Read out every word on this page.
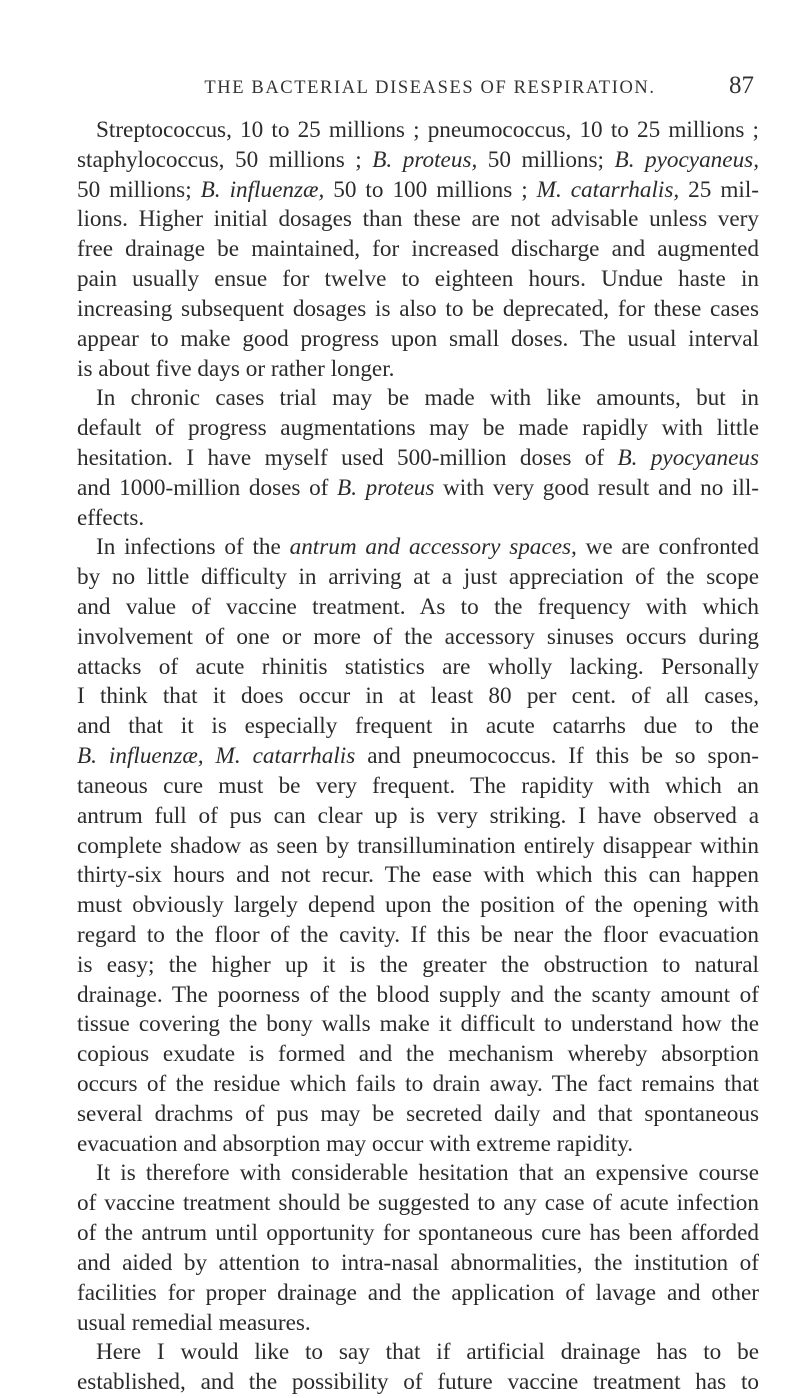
THE BACTERIAL DISEASES OF RESPIRATION.	87
Streptococcus, 10 to 25 millions ; pneumococcus, 10 to 25 millions ;
staphylococcus, 50 millions ; B. proteus, 50 millions; B. pyocyaneus,
50 millions; B. influenzæ, 50 to 100 millions ; M. catarrhalis, 25 mil-
lions. Higher initial dosages than these are not advisable unless very
free drainage be maintained, for increased discharge and augmented
pain usually ensue for twelve to eighteen hours. Undue haste in
increasing subsequent dosages is also to be deprecated, for these cases
appear to make good progress upon small doses. The usual interval
is about five days or rather longer.
In chronic cases trial may be made with like amounts, but in
default of progress augmentations may be made rapidly with little
hesitation. I have myself used 500-million doses of B. pyocyaneus
and 1000-million doses of B. proteus with very good result and no ill-
effects.
In infections of the antrum and accessory spaces, we are confronted
by no little difficulty in arriving at a just appreciation of the scope
and value of vaccine treatment. As to the frequency with which
involvement of one or more of the accessory sinuses occurs during
attacks of acute rhinitis statistics are wholly lacking. Personally
I think that it does occur in at least 80 per cent. of all cases,
and that it is especially frequent in acute catarrhs due to the
B. influenzæ, M. catarrhalis and pneumococcus. If this be so spon-
taneous cure must be very frequent. The rapidity with which an
antrum full of pus can clear up is very striking. I have observed a
complete shadow as seen by transillumination entirely disappear within
thirty-six hours and not recur. The ease with which this can happen
must obviously largely depend upon the position of the opening with
regard to the floor of the cavity. If this be near the floor evacuation
is easy; the higher up it is the greater the obstruction to natural
drainage. The poorness of the blood supply and the scanty amount of
tissue covering the bony walls make it difficult to understand how the
copious exudate is formed and the mechanism whereby absorption
occurs of the residue which fails to drain away. The fact remains that
several drachms of pus may be secreted daily and that spontaneous
evacuation and absorption may occur with extreme rapidity.
It is therefore with considerable hesitation that an expensive course
of vaccine treatment should be suggested to any case of acute infection
of the antrum until opportunity for spontaneous cure has been afforded
and aided by attention to intra-nasal abnormalities, the institution of
facilities for proper drainage and the application of lavage and other
usual remedial measures.
Here I would like to say that if artificial drainage has to be
established, and the possibility of future vaccine treatment has to
